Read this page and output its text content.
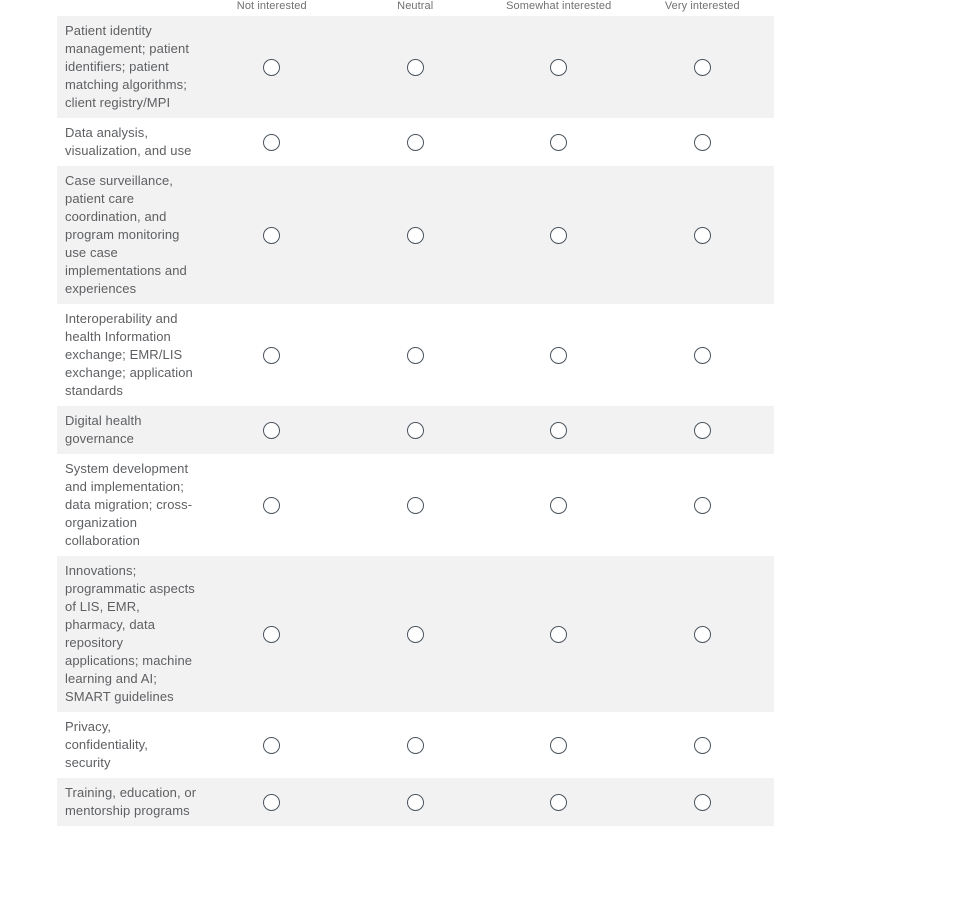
Not interested	Neutral	Somewhat interested	Very interested
Patient identity management; patient identifiers; patient matching algorithms; client registry/MPI
Data analysis, visualization, and use
Case surveillance, patient care coordination, and program monitoring use case implementations and experiences
Interoperability and health Information exchange; EMR/LIS exchange; application standards
Digital health governance
System development and implementation; data migration; cross-organization collaboration
Innovations; programmatic aspects of LIS, EMR, pharmacy, data repository applications; machine learning and AI; SMART guidelines
Privacy, confidentiality, security
Training, education, or mentorship programs
